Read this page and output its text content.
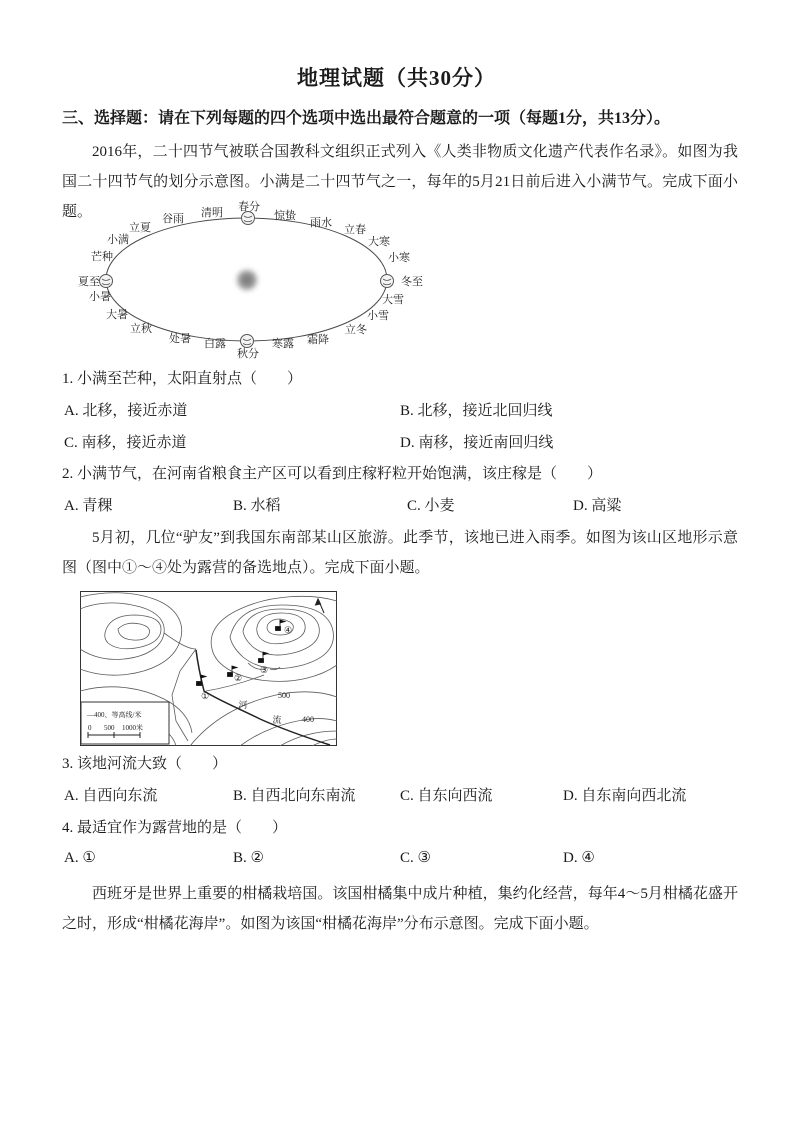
地理试题（共30分）
三、选择题：请在下列每题的四个选项中选出最符合题意的一项（每题1分，共13分）。
2016年，二十四节气被联合国教科文组织正式列入《人类非物质文化遗产代表作名录》。如图为我国二十四节气的划分示意图。小满是二十四节气之一，每年的5月21日前后进入小满节气。完成下面小题。	春分
清明
谷雨
立夏
小满
芒种
夏至
小暑
大暑
立秋
处暑 白露
秋分
寒露 霜降
立冬
小雪
大雪
冬至
小寒
大寒
立春
雨水
惊蛰
1. 小满至芒种，太阳直射点（　　）
A. 北移，接近赤道	B. 北移，接近北回归线
C. 南移，接近赤道	D. 南移，接近南回归线
2. 小满节气，在河南省粮食主产区可以看到庄稼籽粒开始饱满，该庄稼是（　　）
A. 青稞	B. 水稻	C. 小麦	D. 高粱
5月初，几位“驴友”到我国东南部某山区旅游。此季节，该地已进入雨季。如图为该山区地形示意图（图中①～④处为露营的备选地点）。完成下面小题。
500
400
河
流
①
②
③
④
—400、等高线/米
0 500 1000米
3. 该地河流大致（　　）
A. 自西向东流	B. 自西北向东南流	C. 自东向西流	D. 自东南向西北流
4. 最适宜作为露营地的是（　　）
A. ①	B. ②	C. ③	D. ④
西班牙是世界上重要的柑橘栽培国。该国柑橘集中成片种植，集约化经营，每年4～5月柑橘花盛开之时，形成“柑橘花海岸”。如图为该国“柑橘花海岸”分布示意图。完成下面小题。
